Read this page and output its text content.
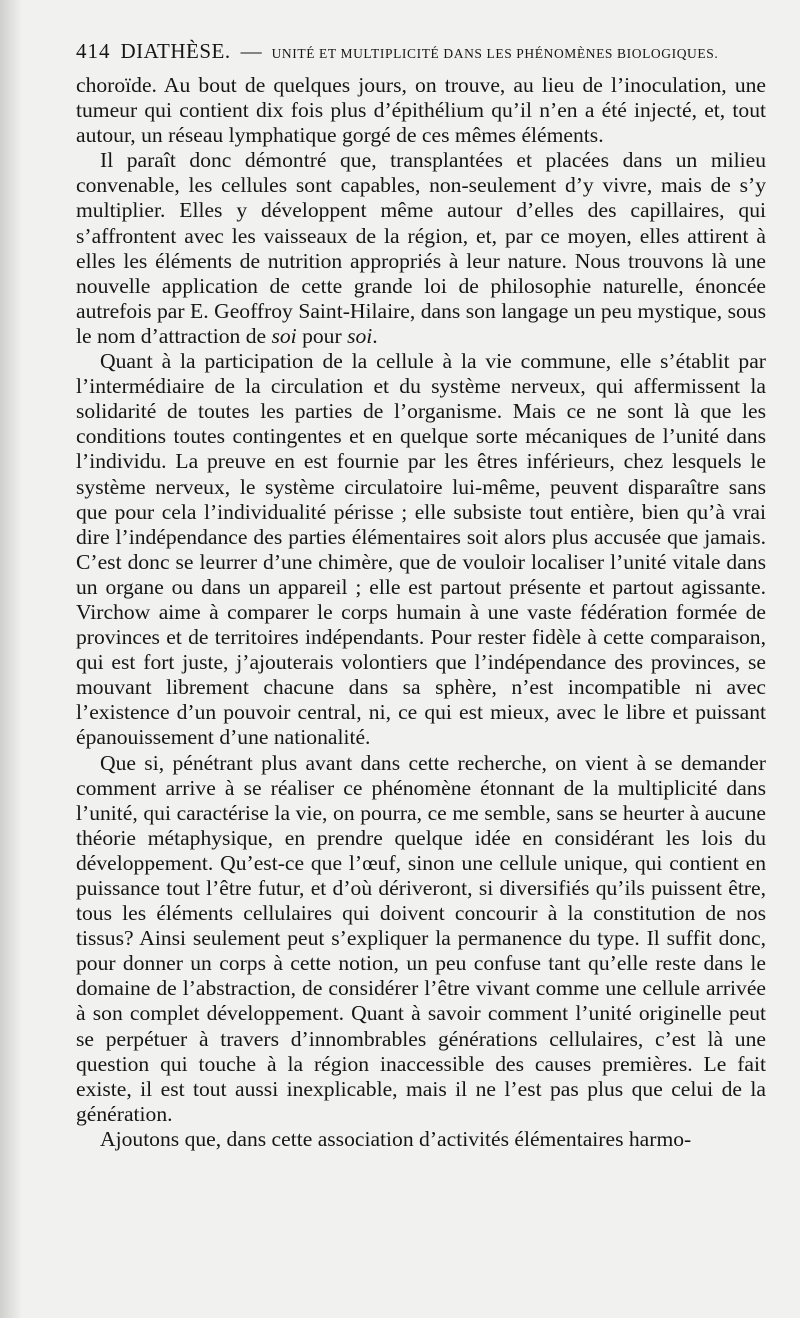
414 DIATHÈSE. — UNITÉ ET MULTIPLICITÉ DANS LES PHÉNOMÈNES BIOLOGIQUES.

choroïde. Au bout de quelques jours, on trouve, au lieu de l’inoculation, une tumeur qui contient dix fois plus d’épithélium qu’il n’en a été injecté, et, tout autour, un réseau lymphatique gorgé de ces mêmes éléments.

Il paraît donc démontré que, transplantées et placées dans un milieu convenable, les cellules sont capables, non-seulement d’y vivre, mais de s’y multiplier. Elles y développent même autour d’elles des capillaires, qui s’affrontent avec les vaisseaux de la région, et, par ce moyen, elles attirent à elles les éléments de nutrition appropriés à leur nature. Nous trouvons là une nouvelle application de cette grande loi de philosophie naturelle, énoncée autrefois par E. Geoffroy Saint-Hilaire, dans son langage un peu mystique, sous le nom d’attraction de soi pour soi.

Quant à la participation de la cellule à la vie commune, elle s’établit par l’intermédiaire de la circulation et du système nerveux, qui affermissent la solidarité de toutes les parties de l’organisme. Mais ce ne sont là que les conditions toutes contingentes et en quelque sorte mécaniques de l’unité dans l’individu. La preuve en est fournie par les êtres inférieurs, chez lesquels le système nerveux, le système circulatoire lui-même, peuvent disparaître sans que pour cela l’individualité périsse ; elle subsiste tout entière, bien qu’à vrai dire l’indépendance des parties élémentaires soit alors plus accusée que jamais. C’est donc se leurrer d’une chimère, que de vouloir localiser l’unité vitale dans un organe ou dans un appareil ; elle est partout présente et partout agissante. Virchow aime à comparer le corps humain à une vaste fédération formée de provinces et de territoires indépendants. Pour rester fidèle à cette comparaison, qui est fort juste, j’ajouterais volontiers que l’indépendance des provinces, se mouvant librement chacune dans sa sphère, n’est incompatible ni avec l’existence d’un pouvoir central, ni, ce qui est mieux, avec le libre et puissant épanouissement d’une nationalité.

Que si, pénétrant plus avant dans cette recherche, on vient à se demander comment arrive à se réaliser ce phénomène étonnant de la multiplicité dans l’unité, qui caractérise la vie, on pourra, ce me semble, sans se heurter à aucune théorie métaphysique, en prendre quelque idée en considérant les lois du développement. Qu’est-ce que l’œuf, sinon une cellule unique, qui contient en puissance tout l’être futur, et d’où dériveront, si diversifiés qu’ils puissent être, tous les éléments cellulaires qui doivent concourir à la constitution de nos tissus? Ainsi seulement peut s’expliquer la permanence du type. Il suffit donc, pour donner un corps à cette notion, un peu confuse tant qu’elle reste dans le domaine de l’abstraction, de considérer l’être vivant comme une cellule arrivée à son complet développement. Quant à savoir comment l’unité originelle peut se perpétuer à travers d’innombrables générations cellulaires, c’est là une question qui touche à la région inaccessible des causes premières. Le fait existe, il est tout aussi inexplicable, mais il ne l’est pas plus que celui de la génération.

Ajoutons que, dans cette association d’activités élémentaires harmo-
